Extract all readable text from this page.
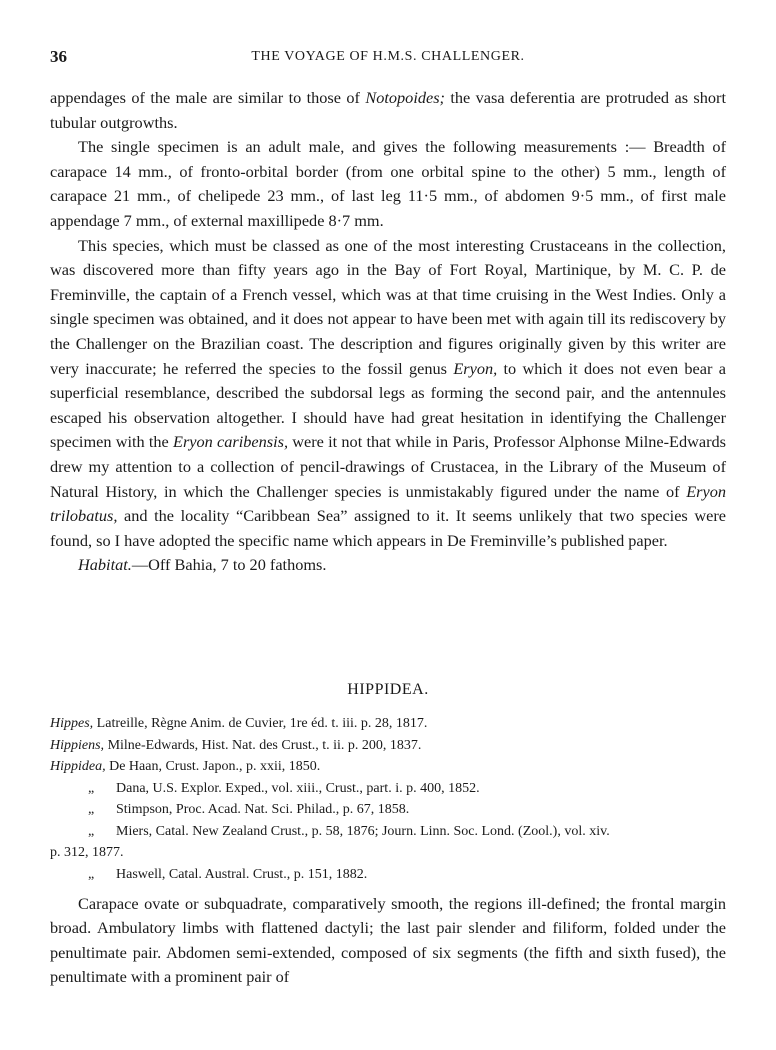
36	THE VOYAGE OF H.M.S. CHALLENGER.

appendages of the male are similar to those of Notopoides; the vasa deferentia are protruded as short tubular outgrowths.

The single specimen is an adult male, and gives the following measurements :— Breadth of carapace 14 mm., of fronto-orbital border (from one orbital spine to the other) 5 mm., length of carapace 21 mm., of chelipede 23 mm., of last leg 11·5 mm., of abdomen 9·5 mm., of first male appendage 7 mm., of external maxillipede 8·7 mm.

This species, which must be classed as one of the most interesting Crustaceans in the collection, was discovered more than fifty years ago in the Bay of Fort Royal, Martinique, by M. C. P. de Freminville, the captain of a French vessel, which was at that time cruising in the West Indies. Only a single specimen was obtained, and it does not appear to have been met with again till its rediscovery by the Challenger on the Brazilian coast. The description and figures originally given by this writer are very inaccurate; he referred the species to the fossil genus Eryon, to which it does not even bear a superficial resemblance, described the subdorsal legs as forming the second pair, and the antennules escaped his observation altogether. I should have had great hesitation in identifying the Challenger specimen with the Eryon caribensis, were it not that while in Paris, Professor Alphonse Milne-Edwards drew my attention to a collection of pencil-drawings of Crustacea, in the Library of the Museum of Natural History, in which the Challenger species is unmistakably figured under the name of Eryon trilobatus, and the locality “Caribbean Sea” assigned to it. It seems unlikely that two species were found, so I have adopted the specific name which appears in De Freminville’s published paper.

Habitat.—Off Bahia, 7 to 20 fathoms.

HIPPIDEA.
Hippes, Latreille, Règne Anim. de Cuvier, 1re éd. t. iii. p. 28, 1817.
Hippiens, Milne-Edwards, Hist. Nat. des Crust., t. ii. p. 200, 1837.
Hippidea, De Haan, Crust. Japon., p. xxii, 1850.
„ Dana, U.S. Explor. Exped., vol. xiii., Crust., part. i. p. 400, 1852.
„ Stimpson, Proc. Acad. Nat. Sci. Philad., p. 67, 1858.
„ Miers, Catal. New Zealand Crust., p. 58, 1876; Journ. Linn. Soc. Lond. (Zool.), vol. xiv.
p. 312, 1877.
„ Haswell, Catal. Austral. Crust., p. 151, 1882.

Carapace ovate or subquadrate, comparatively smooth, the regions ill-defined; the frontal margin broad. Ambulatory limbs with flattened dactyli; the last pair slender and filiform, folded under the penultimate pair. Abdomen semi-extended, composed of six segments (the fifth and sixth fused), the penultimate with a prominent pair of
